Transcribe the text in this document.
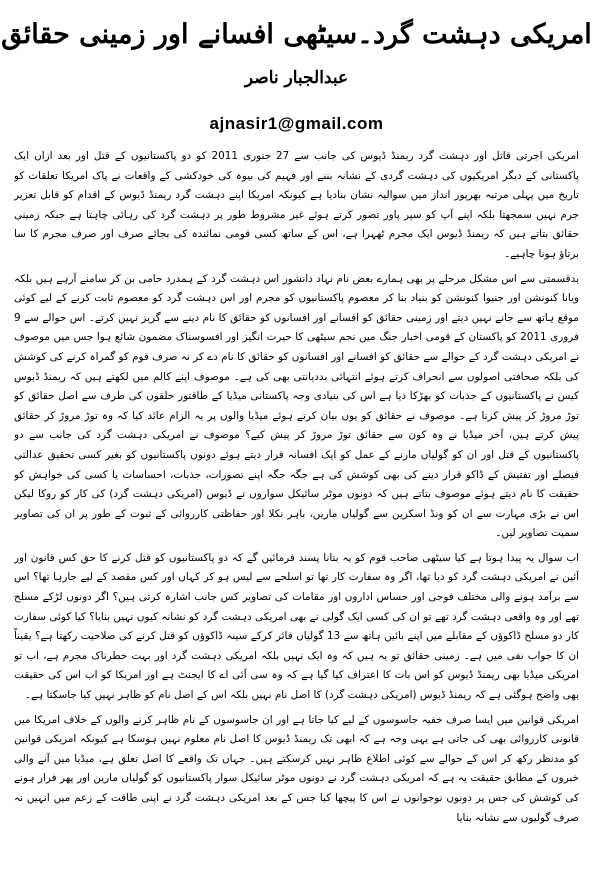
امریکی دہشت گرد۔سیٹھی افسانے اور زمینی حقائق
عبدالجبار ناصر
ajnasir1@gmail.com

امریکی اجرتی قاتل اور دہشت گرد ریمنڈ ڈیوس کی جانب سے 27 جنوری 2011 کو دو پاکستانیوں کے قتل اور بعد ازاں ایک پاکستانی کے دیگر امریکیوں کی دہشت گردی کے نشانہ بننے اور فہیم کی بیوہ کی خودکشی کے واقعات نے پاک امریکا تعلقات کو تاریخ میں پہلی مرتبہ بھرپور انداز میں سوالیہ نشان بنادیا ہے کیونکہ امریکا اپنے دہشت گرد ریمنڈ ڈیوس کے اقدام کو قابل تعزیر جرم نہیں سمجھتا بلکہ اپنے آپ کو سپر پاور تصور کرتے ہوئے غیر مشروط طور پر دہشت گرد کی رہائی چاہتا ہے جبکہ زمینی حقائق بتاتے ہیں کہ ریمنڈ ڈیوس ایک مجرم ٹھہرا ہے، اس کے ساتھ کسی قومی نمائندہ کی بجائے صرف اور صرف مجرم کا سا برتاؤ ہونا چاہیے۔

بدقسمتی سے اس مشکل مرحلے پر بھی ہمارے بعض نام نہاد دانشور اس دہشت گرد کے ہمدرد حامی بن کر سامنے آرہے ہیں بلکہ ویانا کنونشن اور جنیوا کنونشن کو بنیاد بنا کر معصوم پاکستانیوں کو مجرم اور اس دہشت گرد کو معصوم ثابت کرنے کے لیے کوئی موقع ہاتھ سے جانے نہیں دیتے اور زمینی حقائق کو افسانے اور افسانوں کو حقائق کا نام دینے سے گریز نہیں کرتے۔ اس حوالے سے 9 فروری 2011 کو پاکستان کے قومی اخبار جنگ میں نجم سیٹھی کا حیرت انگیز اور افسوسناک مضمون شائع ہوا جس میں موصوف نے امریکی دہشت گرد کے حوالے سے حقائق کو افسانے اور افسانوں کو حقائق کا نام دے کر نہ صرف قوم کو گمراہ کرنے کی کوشش کی بلکہ صحافتی اصولوں سے انحراف کرتے ہوئے انتہائی بددیانتی بھی کی ہے۔ موصوف اپنے کالم میں لکھتے ہیں کہ ریمنڈ ڈیوس کیس نے پاکستانیوں کے جذبات کو بھڑکا دیا ہے اس کی بنیادی وجہ پاکستانی میڈیا کے طاقتور حلقوں کی طرف سے اصل حقائق کو توڑ مروڑ کر پیش کرنا ہے۔ موصوف نے حقائق کو یوں بیان کرتے ہوئے میڈیا والوں پر یہ الزام عائد کیا کہ وہ توڑ مروڑ کر حقائق پیش کرتے ہیں، آخر میڈیا نے وہ کون سے حقائق توڑ مروڑ کر پیش کیے؟ موصوف نے امریکی دہشت گرد کی جانب سے دو پاکستانیوں کے قتل اور ان کو گولیاں مارنے کے عمل کو ایک افسانہ قرار دیتے ہوئے دونوں پاکستانیوں کو بغیر کسی تحقیق عدالتی فیصلے اور تفتیش کے ڈاکو قرار دینے کی بھی کوشش کی ہے جگہ جگہ اپنے تصورات، جذبات، احساسات یا کسی کی خواہش کو حقیقت کا نام دیتے ہوئے موصوف بتاتے ہیں کہ دونوں موٹر سائیکل سواروں نے ڈیوس (امریکی دہشت گرد) کی کار کو روکا لیکن اس نے بڑی مہارت سے ان کو ونڈ اسکرین سے گولیاں ماریں، باہر نکلا اور حفاظتی کارروائی کے ثبوت کے طور پر ان کی تصاویر سمیت تصاویر لیں۔

اب سوال یہ پیدا ہوتا ہے کیا سیٹھی صاحب قوم کو یہ بتانا پسند فرمائیں گے کہ دو پاکستانیوں کو قتل کرنے کا حق کس قانون اور آئین نے امریکی دہشت گرد کو دیا تھا، اگر وہ سفارت کار تھا تو اسلحے سے لیس ہو کر کہاں اور کس مقصد کے لیے جارہا تھا؟ اس سے برآمد ہونے والی مختلف فوجی اور حساس اداروں اور مقامات کی تصاویر کس جانب اشارہ کرتی ہیں؟ اگر دونوں لڑکے مسلح تھے اور وہ واقعی دہشت گرد تھے تو ان کی کسی ایک گولی نے بھی امریکی دہشت گرد کو نشانہ کیوں نہیں بنایا؟ کیا کوئی سفارت کار دو مسلح ڈاکوؤں کے مقابلے میں اپنے بائیں ہاتھ سے 13 گولیاں فائر کرکے سینہ ڈاکوؤں کو قتل کرنے کی صلاحیت رکھتا ہے؟ یقیناً ان کا جواب نفی میں ہے۔ زمینی حقائق تو یہ ہیں کہ وہ ایک نہیں بلکہ امریکی دہشت گرد اور بہت خطرناک مجرم ہے، اب تو امریکی میڈیا بھی ریمنڈ ڈیوس کو اس بات کا اعتراف کیا گیا ہے کہ وہ سی آئی اے کا ایجنٹ ہے اور امریکا کو اب اس کی حقیقت بھی واضح ہوگئی ہے کہ ریمنڈ ڈیوس (امریکی دہشت گرد) کا اصل نام نہیں بلکہ اس کے اصل نام کو ظاہر نہیں کیا جاسکتا ہے۔

امریکی قوانین میں ایسا صرف خفیہ جاسوسوں کے لیے کیا جاتا ہے اور ان جاسوسوں کے نام ظاہر کرنے والوں کے خلاف امریکا میں قانونی کارروائی بھی کی جاتی ہے یہی وجہ ہے کہ ابھی تک ریمنڈ ڈیوس کا اصل نام معلوم نہیں ہوسکا ہے کیونکہ امریکی قوانین کو مدنظر رکھ کر اس کے حوالے سے کوئی اطلاع ظاہر نہیں کرسکتے ہیں۔ جہاں تک واقعے کا اصل تعلق ہے، میڈیا میں آنے والی خبروں کے مطابق حقیقت یہ ہے کہ امریکی دہشت گرد نے دونوں موٹر سائیکل سوار پاکستانیوں کو گولیاں ماریں اور پھر فرار ہونے کی کوشش کی جس پر دونوں نوجوانوں نے اس کا پیچھا کیا جس کے بعد امریکی دہشت گرد نے اپنی طاقت کے زعم میں انہیں نہ صرف گولیوں سے نشانہ بنایا
